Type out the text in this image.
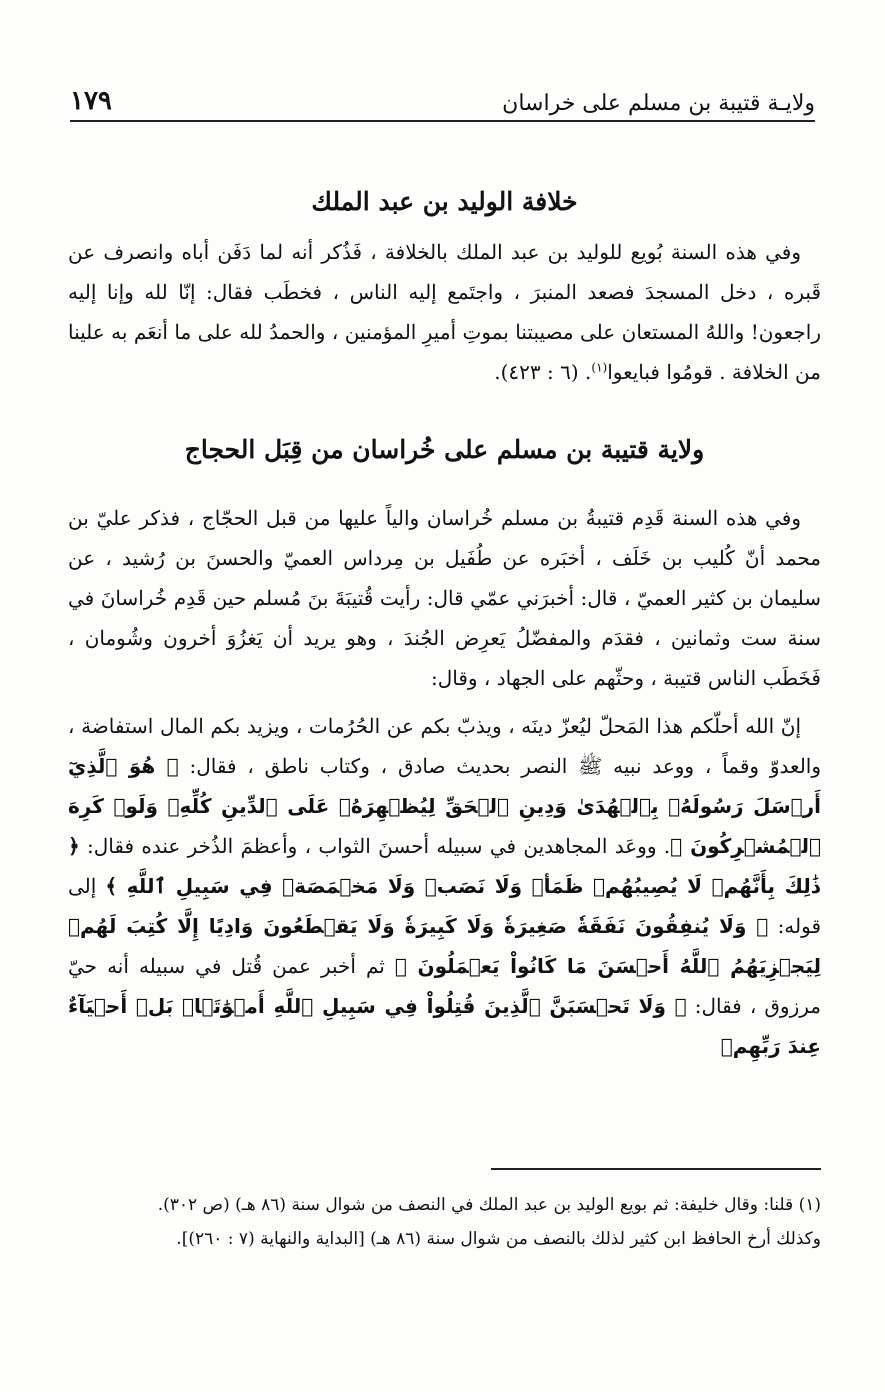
ولايـة قتيبة بن مسلم على خراسان
١٧٩
خلافة الوليد بن عبد الملك

وفي هذه السنة بُويع للوليد بن عبد الملك بالخلافة ، فَذُكر أنه لما دَفَن أباه وانصرف عن قَبره ، دخل المسجدَ فصعد المنبرَ ، واجتَمع إليه الناس ، فخطَب فقال: إنّا لله وإنا إليه راجعون! واللهُ المستعان على مصيبتنا بموتِ أميرِ المؤمنين ، والحمدُ لله على ما أنعَم به علينا من الخلافة . قومُوا فبايعوا$^{(١)}$. (٦ : ٤٢٣).

ولاية قتيبة بن مسلم على خُراسان من قِبَل الحجاج

وفي هذه السنة قَدِم قتيبةُ بن مسلم خُراسان والياً عليها من قبل الحجّاج ، فذكر عليّ بن محمد أنّ كُليب بن خَلَف ، أخبَره عن طُفَيل بن مِرداس العميّ والحسنَ بن رُشيد ، عن سليمان بن كثير العميّ ، قال: أخبرَني عمّي قال: رأيت قُتيبَةَ بنَ مُسلم حين قَدِم خُراسانَ في سنة ست وثمانين ، فقدَم والمفضّلُ يَعرِض الجُندَ ، وهو يريد أن يَغزُوَ أخرون وشُومان ، فَخَطَب الناس قتيبة ، وحثّهم على الجهاد ، وقال:

إنّ الله أحلّكم هذا المَحلّ ليُعزّ دينَه ، ويذبّ بكم عن الحُرُمات ، ويزيد بكم المال استفاضة ، والعدوّ وقماً ، ووعد نبيه ﷺ النصر بحديث صادق ، وكتاب ناطق ، فقال: ﴿ هُوَ ٱلَّذِيٓ أَرۡسَلَ رَسُولَهُۥ بِٱلۡهُدَىٰ وَدِينِ ٱلۡحَقِّ لِيُظۡهِرَهُۥ عَلَى ٱلدِّينِ كُلِّهِۦ وَلَوۡ كَرِهَ ٱلۡمُشۡرِكُونَ ﴾. ووعَد المجاهدين في سبيله أحسنَ الثواب ، وأعظمَ الذُخر عنده فقال: ﴿ ذَٰلِكَ بِأَنَّهُمۡ لَا يُصِيبُهُمۡ ظَمَأٞ وَلَا نَصَبٞ وَلَا مَخۡمَصَةٞ فِي سَبِيلِ ٱللَّهِ ﴾ إلى قوله: ﴿ وَلَا يُنفِقُونَ نَفَقَةٗ صَغِيرَةٗ وَلَا كَبِيرَةٗ وَلَا يَقۡطَعُونَ وَادِيًا إِلَّا كُتِبَ لَهُمۡ لِيَجۡزِيَهُمُ ٱللَّهُ أَحۡسَنَ مَا كَانُواْ يَعۡمَلُونَ ﴾ ثم أخبر عمن قُتل في سبيله أنه حيّ مرزوق ، فقال: ﴿ وَلَا تَحۡسَبَنَّ ٱلَّذِينَ قُتِلُواْ فِي سَبِيلِ ٱللَّهِ أَمۡوَٰتَۢاۚ بَلۡ أَحۡيَآءٌ عِندَ رَبِّهِمۡ

(١) قلنا: وقال خليفة: ثم بويع الوليد بن عبد الملك في النصف من شوال سنة (٨٦ هـ) (ص ٣٠٢).

وكذلك أرخ الحافظ ابن كثير لذلك بالنصف من شوال سنة (٨٦ هـ) [البداية والنهاية (٧ : ٢٦٠)].
